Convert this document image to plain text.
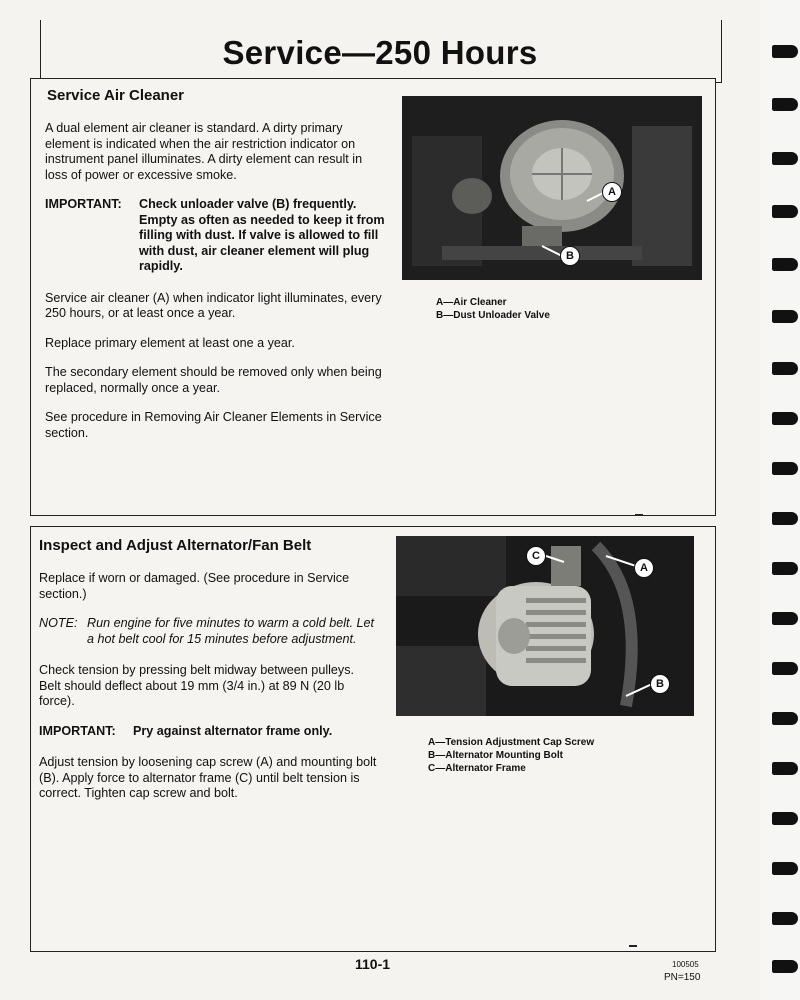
Service—250 Hours
Service Air Cleaner

A dual element air cleaner is standard. A dirty primary element is indicated when the air restriction indicator on instrument panel illuminates. A dirty element can result in loss of power or excessive smoke.

IMPORTANT:	Check unloader valve (B) frequently. Empty as often as needed to keep it from filling with dust. If valve is allowed to fill with dust, air cleaner element will plug rapidly.

Service air cleaner (A) when indicator light illuminates, every 250 hours, or at least once a year.

Replace primary element at least one a year.

The secondary element should be removed only when being replaced, normally once a year.

See procedure in Removing Air Cleaner Elements in Service section.

A
B
A—Air Cleaner
B—Dust Unloader Valve
Inspect and Adjust Alternator/Fan Belt

Replace if worn or damaged. (See procedure in Service section.)

NOTE: Run engine for five minutes to warm a cold belt. Let a hot belt cool for 15 minutes before adjustment.

Check tension by pressing belt midway between pulleys. Belt should deflect about 19 mm (3/4 in.) at 89 N (20 lb force).

IMPORTANT:	Pry against alternator frame only.

Adjust tension by loosening cap screw (A) and mounting bolt (B). Apply force to alternator frame (C) until belt tension is correct. Tighten cap screw and bolt.

C
A
B
A—Tension Adjustment Cap Screw
B—Alternator Mounting Bolt
C—Alternator Frame
110-1	100505
PN=150
